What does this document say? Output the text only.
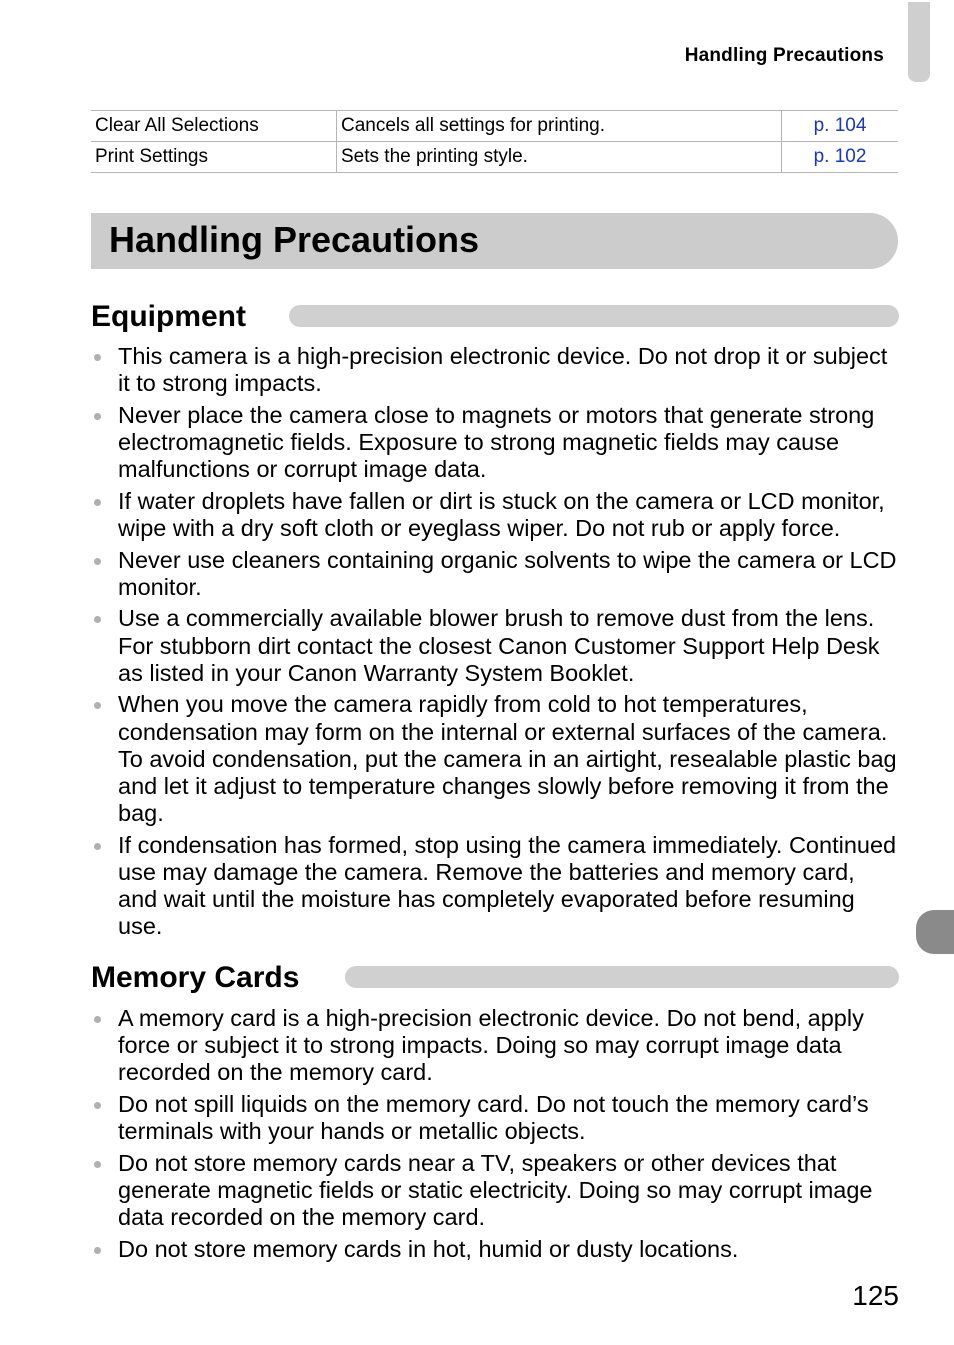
Handling Precautions
Clear All Selections	Cancels all settings for printing.	p. 104
Print Settings	Sets the printing style.	p. 102
Handling Precautions
Equipment
This camera is a high-precision electronic device. Do not drop it or subject it to strong impacts.
Never place the camera close to magnets or motors that generate strong electromagnetic fields. Exposure to strong magnetic fields may cause malfunctions or corrupt image data.
If water droplets have fallen or dirt is stuck on the camera or LCD monitor, wipe with a dry soft cloth or eyeglass wiper. Do not rub or apply force.
Never use cleaners containing organic solvents to wipe the camera or LCD monitor.
Use a commercially available blower brush to remove dust from the lens. For stubborn dirt contact the closest Canon Customer Support Help Desk as listed in your Canon Warranty System Booklet.
When you move the camera rapidly from cold to hot temperatures, condensation may form on the internal or external surfaces of the camera. To avoid condensation, put the camera in an airtight, resealable plastic bag and let it adjust to temperature changes slowly before removing it from the bag.
If condensation has formed, stop using the camera immediately. Continued use may damage the camera. Remove the batteries and memory card, and wait until the moisture has completely evaporated before resuming use.
Memory Cards
A memory card is a high-precision electronic device. Do not bend, apply force or subject it to strong impacts. Doing so may corrupt image data recorded on the memory card.
Do not spill liquids on the memory card. Do not touch the memory card’s terminals with your hands or metallic objects.
Do not store memory cards near a TV, speakers or other devices that generate magnetic fields or static electricity. Doing so may corrupt image data recorded on the memory card.
Do not store memory cards in hot, humid or dusty locations.
125
